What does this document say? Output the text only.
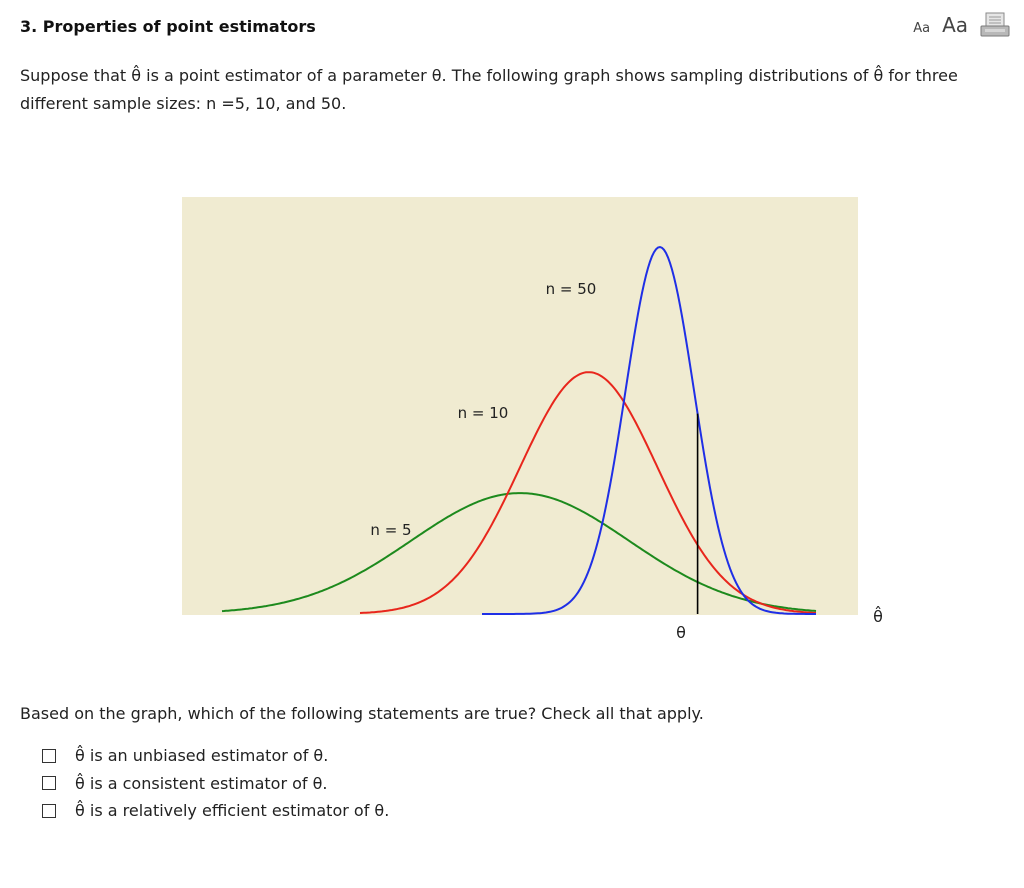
3. Properties of point estimators	Aa Aa
Suppose that θ̂ is a point estimator of a parameter θ. The following graph shows sampling distributions of θ̂ for three
different sample sizes: n =5, 10, and 50.
θ
θ̂
n = 5
n = 10
n = 50
Based on the graph, which of the following statements are true? Check all that apply.
θ̂ is an unbiased estimator of θ.
θ̂ is a consistent estimator of θ.
θ̂ is a relatively efficient estimator of θ.
